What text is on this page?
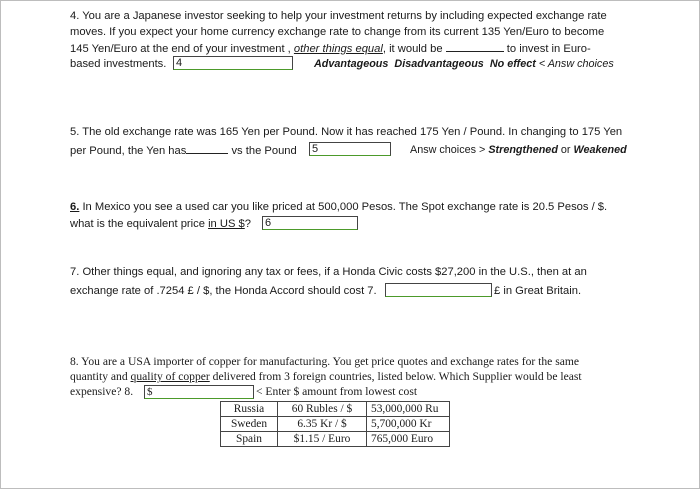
4. You are a Japanese investor seeking to help your investment returns by including expected exchange rate
moves. If you expect your home currency exchange rate to change from its current 135 Yen/Euro to become
145 Yen/Euro at the end of your investment , other things equal, it would be	to invest in Euro-
based investments. 4	Advantageous Disadvantageous No effect < Answ choices
5. The old exchange rate was 165 Yen per Pound. Now it has reached 175 Yen / Pound. In changing to 175 Yen
per Pound, the Yen has	vs the Pound 5	Answ choices > Strengthened or Weakened
6. In Mexico you see a used car you like priced at 500,000 Pesos. The Spot exchange rate is 20.5 Pesos / $.
what is the equivalent price in US $? 6
7. Other things equal, and ignoring any tax or fees, if a Honda Civic costs $27,200 in the U.S., then at an
exchange rate of .7254 £ / $, the Honda Accord should cost 7.	£ in Great Britain.
8. You are a USA importer of copper for manufacturing. You get price quotes and exchange rates for the same
quantity and quality of copper delivered from 3 foreign countries, listed below. Which Supplier would be least
expensive? 8. $	< Enter $ amount from lowest cost
Russia	60 Rubles / $	53,000,000 Ru
Sweden	6.35 Kr / $	5,700,000 Kr
Spain	$1.15 / Euro	765,000 Euro
